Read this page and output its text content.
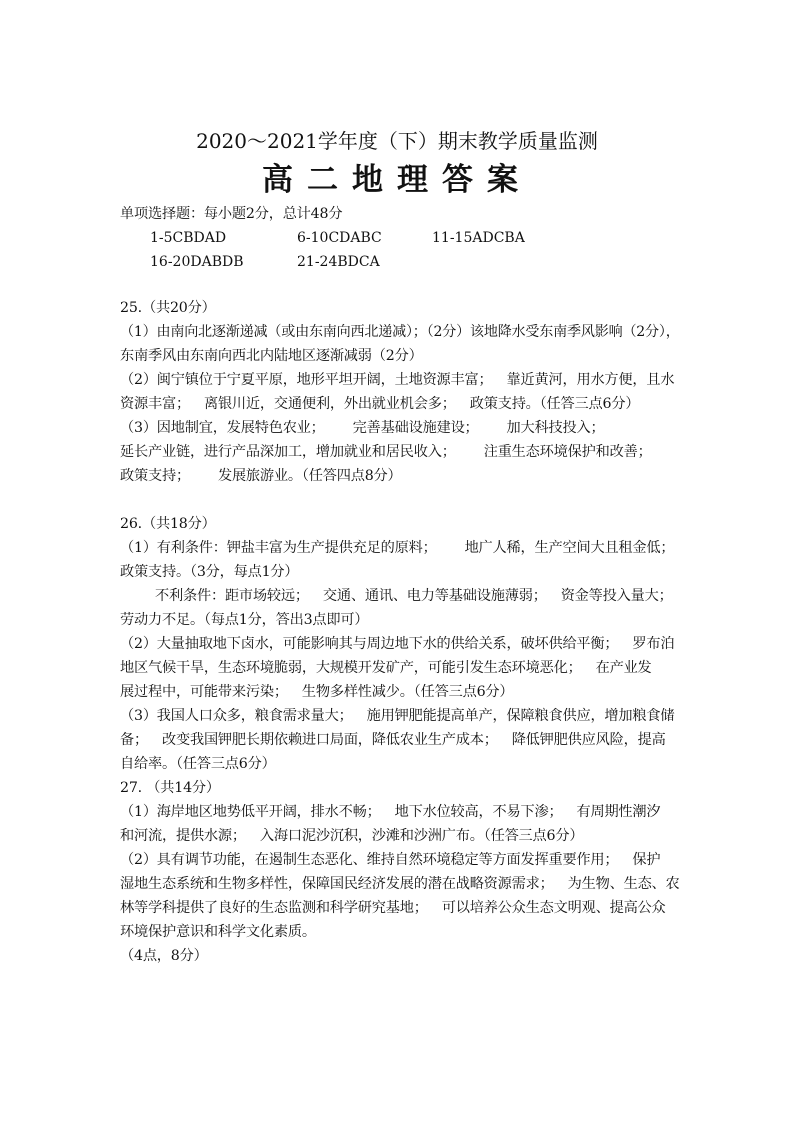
2020～2021学年度（下）期末教学质量监测
高二地理答案
单项选择题：每小题2分，总计48分
1-5CBDAD	6-10CDABC	11-15ADCBA
16-20DABDB	21-24BDCA
25.（共20分）
（1）由南向北逐渐递减（或由东南向西北递减）；（2分）该地降水受东南季风影响（2分），
东南季风由东南向西北内陆地区逐渐减弱（2分）
（2）闽宁镇位于宁夏平原，地形平坦开阔，土地资源丰富； 靠近黄河，用水方便，且水
资源丰富； 离银川近，交通便利，外出就业机会多； 政策支持。（任答三点6分）
（3）因地制宜，发展特色农业； 完善基础设施建设； 加大科技投入；
延长产业链，进行产品深加工，增加就业和居民收入； 注重生态环境保护和改善；
政策支持； 发展旅游业。（任答四点8分）
26.（共18分）
（1）有利条件：钾盐丰富为生产提供充足的原料； 地广人稀，生产空间大且租金低；
政策支持。（3分，每点1分）
不利条件：距市场较远； 交通、通讯、电力等基础设施薄弱； 资金等投入量大；
劳动力不足。（每点1分，答出3点即可）
（2）大量抽取地下卤水，可能影响其与周边地下水的供给关系，破坏供给平衡； 罗布泊
地区气候干旱，生态环境脆弱，大规模开发矿产，可能引发生态环境恶化； 在产业发
展过程中，可能带来污染； 生物多样性减少。（任答三点6分）
（3）我国人口众多，粮食需求量大； 施用钾肥能提高单产，保障粮食供应，增加粮食储
备； 改变我国钾肥长期依赖进口局面，降低农业生产成本； 降低钾肥供应风险，提高
自给率。（任答三点6分）
27. （共14分）
（1）海岸地区地势低平开阔，排水不畅； 地下水位较高，不易下渗； 有周期性潮汐
和河流，提供水源； 入海口泥沙沉积，沙滩和沙洲广布。（任答三点6分）
（2）具有调节功能，在遏制生态恶化、维持自然环境稳定等方面发挥重要作用； 保护
湿地生态系统和生物多样性，保障国民经济发展的潜在战略资源需求； 为生物、生态、农
林等学科提供了良好的生态监测和科学研究基地； 可以培养公众生态文明观、提高公众
环境保护意识和科学文化素质。
（4点，8分）
